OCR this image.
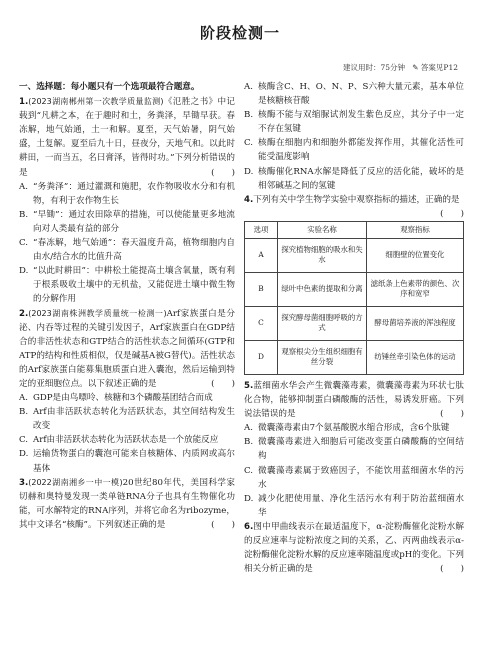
阶段检测一
建议用时：75分钟   ✎ 答案见P12
一、选择题：每小题只有一个选项最符合题意。
1.(2023湖南郴州第一次教学质量监测)《氾胜之书》中记载到“凡耕之本，在于趣时和土，务粪泽，早锄早获。春冻解，地气始通，土一和解。夏至，天气始暑，阴气始盛，土复解。夏至后九十日，昼夜分，天地气和。以此时耕田，一而当五，名曰膏泽，皆得时功。”下列分析错误的是	(　　)
A. “务粪泽”：通过灌溉和施肥，农作物吸收水分和有机物，有利于农作物生长
B. “早锄”：通过农田除草的措施，可以使能量更多地流向对人类最有益的部分
C. “春冻解，地气始通”：春天温度升高，植物细胞内自由水/结合水的比值升高
D. “以此时耕田”：中耕松土能提高土壤含氧量，既有利于根系吸收土壤中的无机盐，又能促进土壤中微生物的分解作用
2.(2023湖南株洲教学质量统一检测一)Arf家族蛋白是分泌、内吞等过程的关键引发因子，Arf家族蛋白在GDP结合的非活性状态和GTP结合的活性状态之间循环(GTP和ATP的结构和性质相似，仅是碱基A被G替代)。活性状态的Arf家族蛋白能募集胞质蛋白进入囊泡，然后运输到特定的亚细胞位点。以下叙述正确的是	(　　)
A. GDP是由鸟嘌呤、核糖和3个磷酸基团结合而成
B. Arf由非活跃状态转化为活跃状态，其空间结构发生改变
C. Arf由非活跃状态转化为活跃状态是一个放能反应
D. 运输货物蛋白的囊泡可能来自核糖体、内质网或高尔基体
3.(2022湖南湘乡一中一模)20世纪80年代，美国科学家切赫和奥特曼发现一类单链RNA分子也具有生物催化功能，可水解特定的RNA序列，并将它命名为ribozyme，其中文译名“核酶”。下列叙述正确的是	(　　)
A. 核酶含C、H、O、N、P、S六种大量元素，基本单位是核糖核苷酸
B. 核酶不能与双缩脲试剂发生紫色反应，其分子中一定不存在氢键
C. 核酶在细胞内和细胞外都能发挥作用，其催化活性可能受温度影响
D. 核酶催化RNA水解是降低了反应的活化能，破坏的是相邻碱基之间的氢键
4.下列有关中学生物学实验中观察指标的描述，正确的是
(　　)
选项	实验名称	观察指标
A	探究植物细胞的吸水和失水	细胞壁的位置变化
B	绿叶中色素的提取和分离	滤纸条上色素带的颜色、次序和宽窄
C	探究酵母菌细胞呼吸的方式	酵母菌培养液的浑浊程度
D	观察根尖分生组织细胞有丝分裂	纺锤丝牵引染色体的运动
5.蓝细菌水华会产生微囊藻毒素，微囊藻毒素为环状七肽化合物，能够抑制蛋白磷酸酶的活性，易诱发肝癌。下列说法错误的是	(　　)
A. 微囊藻毒素由7个氨基酸脱水缩合形成，含6个肽键
B. 微囊藻毒素进入细胞后可能改变蛋白磷酸酶的空间结构
C. 微囊藻毒素属于致癌因子，不能饮用蓝细菌水华的污水
D. 减少化肥使用量、净化生活污水有利于防治蓝细菌水华
6.图中甲曲线表示在最适温度下，α-淀粉酶催化淀粉水解的反应速率与淀粉浓度之间的关系，乙、丙两曲线表示α-淀粉酶催化淀粉水解的反应速率随温度或pH的变化。下列相关分析正确的是	(　　)
